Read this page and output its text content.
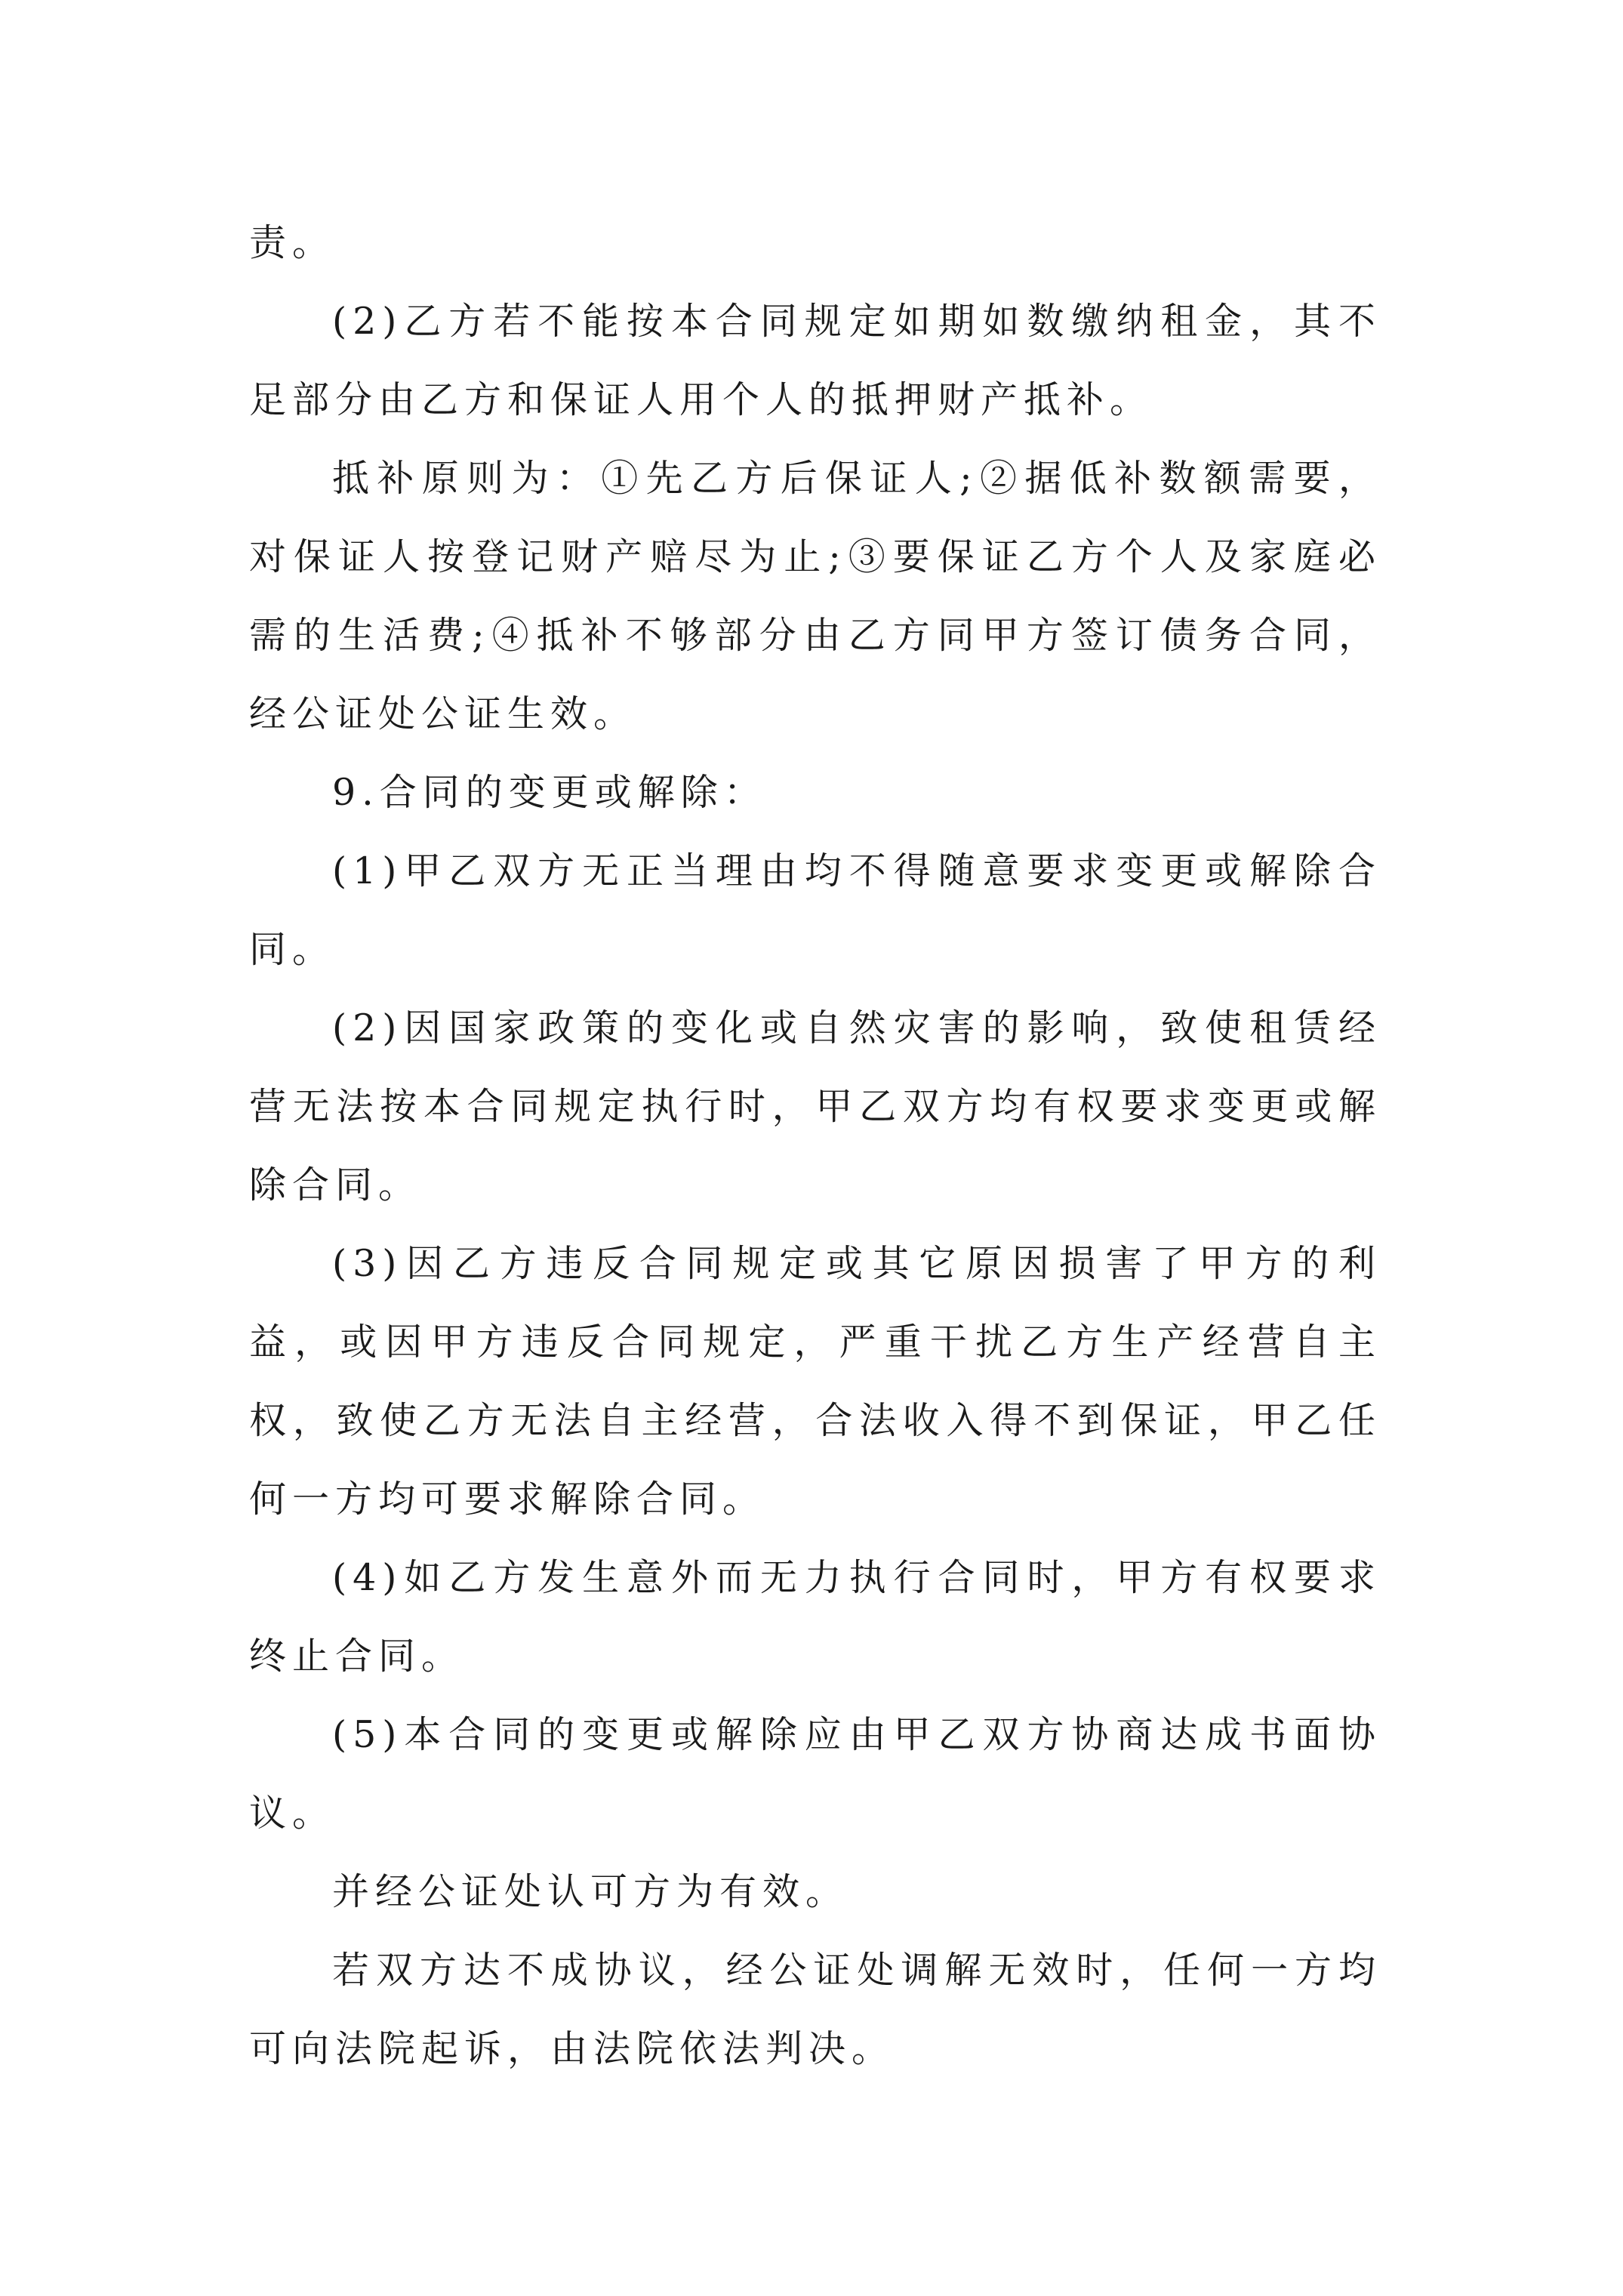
责。

(2)乙方若不能按本合同规定如期如数缴纳租金，其不足部分由乙方和保证人用个人的抵押财产抵补。

抵补原则为：①先乙方后保证人;②据低补数额需要，对保证人按登记财产赔尽为止;③要保证乙方个人及家庭必需的生活费;④抵补不够部分由乙方同甲方签订债务合同，经公证处公证生效。

9.合同的变更或解除：

(1)甲乙双方无正当理由均不得随意要求变更或解除合同。

(2)因国家政策的变化或自然灾害的影响，致使租赁经营无法按本合同规定执行时，甲乙双方均有权要求变更或解除合同。

(3)因乙方违反合同规定或其它原因损害了甲方的利益，或因甲方违反合同规定，严重干扰乙方生产经营自主权，致使乙方无法自主经营，合法收入得不到保证，甲乙任何一方均可要求解除合同。

(4)如乙方发生意外而无力执行合同时，甲方有权要求终止合同。

(5)本合同的变更或解除应由甲乙双方协商达成书面协议。

并经公证处认可方为有效。

若双方达不成协议，经公证处调解无效时，任何一方均可向法院起诉，由法院依法判决。
